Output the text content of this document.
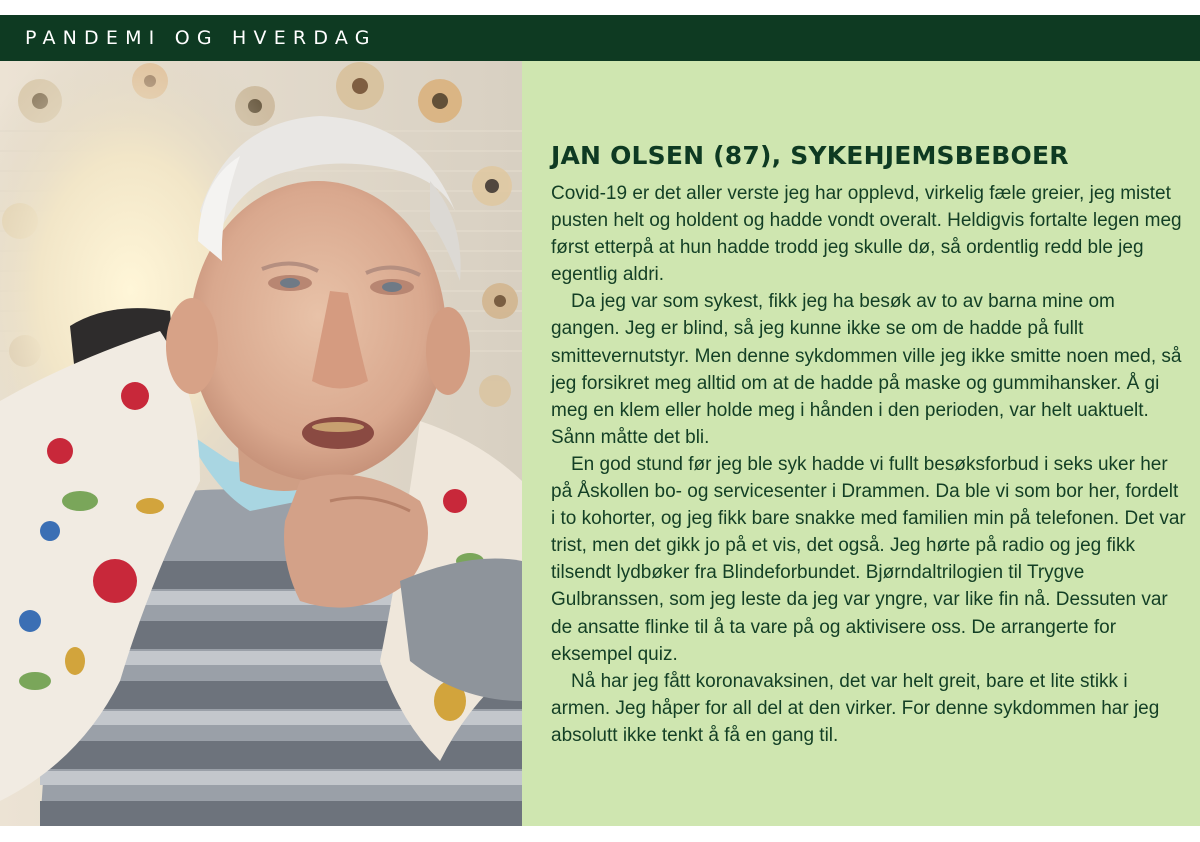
PANDEMI OG HVERDAG
JAN OLSEN (87), SYKEHJEMSBEBOER

Covid-19 er det aller verste jeg har opplevd, virkelig fæle greier, jeg mistet pusten helt og holdent og hadde vondt overalt. Heldigvis fortalte legen meg først etterpå at hun hadde trodd jeg skulle dø, så ordentlig redd ble jeg egentlig aldri.

Da jeg var som sykest, fikk jeg ha besøk av to av barna mine om gangen. Jeg er blind, så jeg kunne ikke se om de hadde på fullt smittevernutstyr. Men denne sykdommen ville jeg ikke smitte noen med, så jeg forsikret meg alltid om at de hadde på maske og gummihansker. Å gi meg en klem eller holde meg i hånden i den perioden, var helt uaktuelt. Sånn måtte det bli.

En god stund før jeg ble syk hadde vi fullt besøksforbud i seks uker her på Åskollen bo- og servicesenter i Drammen. Da ble vi som bor her, fordelt i to kohorter, og jeg fikk bare snakke med familien min på telefonen. Det var trist, men det gikk jo på et vis, det også. Jeg hørte på radio og jeg fikk tilsendt lydbøker fra Blindeforbundet. Bjørndaltrilogien til Trygve Gulbranssen, som jeg leste da jeg var yngre, var like fin nå. Dessuten var de ansatte flinke til å ta vare på og aktivisere oss. De arrangerte for eksempel quiz.

Nå har jeg fått koronavaksinen, det var helt greit, bare et lite stikk i armen. Jeg håper for all del at den virker. For denne sykdommen har jeg absolutt ikke tenkt å få en gang til.
